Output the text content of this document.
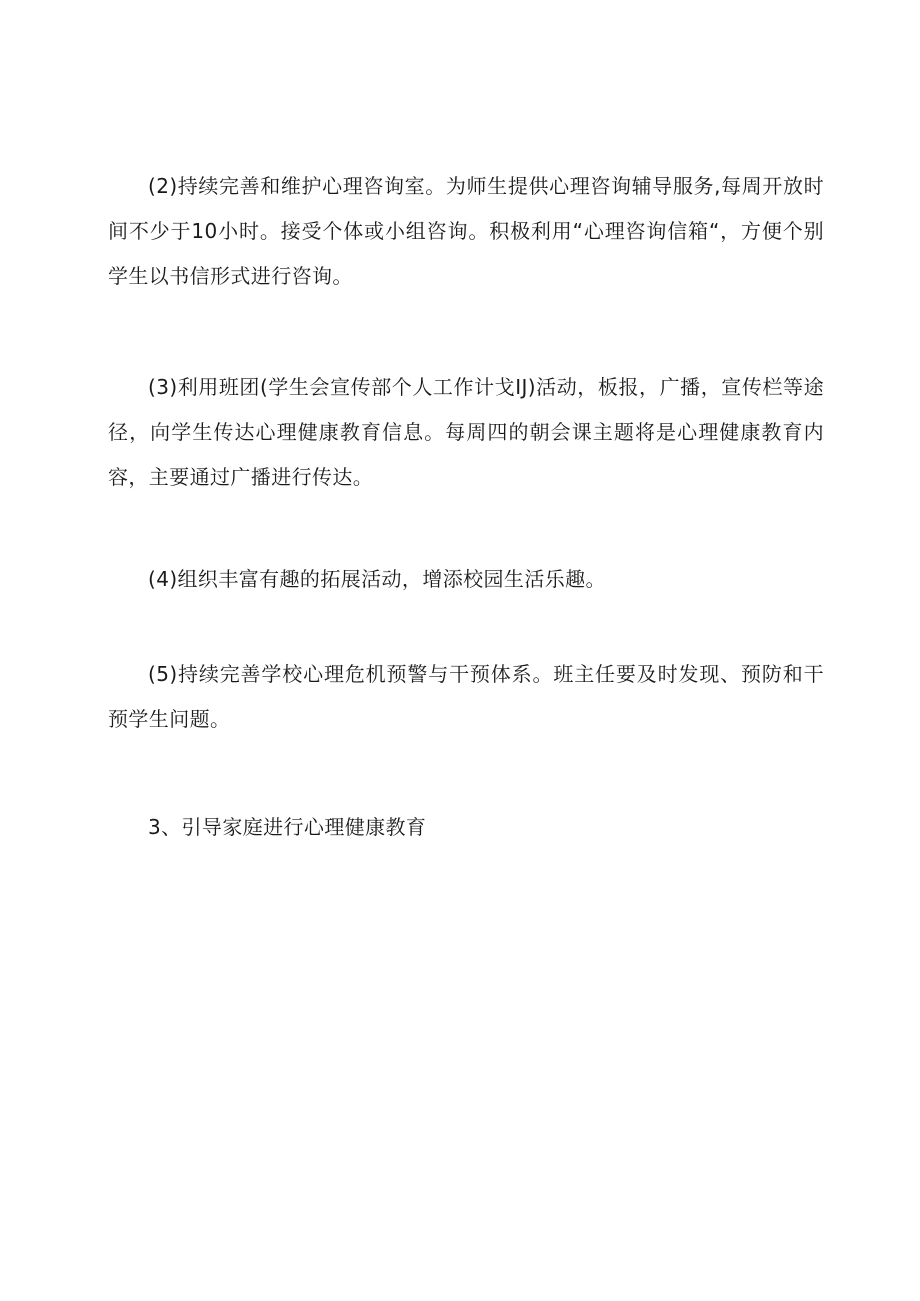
(2)持续完善和维护心理咨询室。为师生提供心理咨询辅导服务,每周开放时间不少于10小时。接受个体或小组咨询。积极利用“心理咨询信箱“，方便个别学生以书信形式进行咨询。

(3)利用班团(学生会宣传部个人工作计戈IJ)活动，板报，广播，宣传栏等途径，向学生传达心理健康教育信息。每周四的朝会课主题将是心理健康教育内容，主要通过广播进行传达。

(4)组织丰富有趣的拓展活动，增添校园生活乐趣。

(5)持续完善学校心理危机预警与干预体系。班主任要及时发现、预防和干预学生问题。

3、引导家庭进行心理健康教育
